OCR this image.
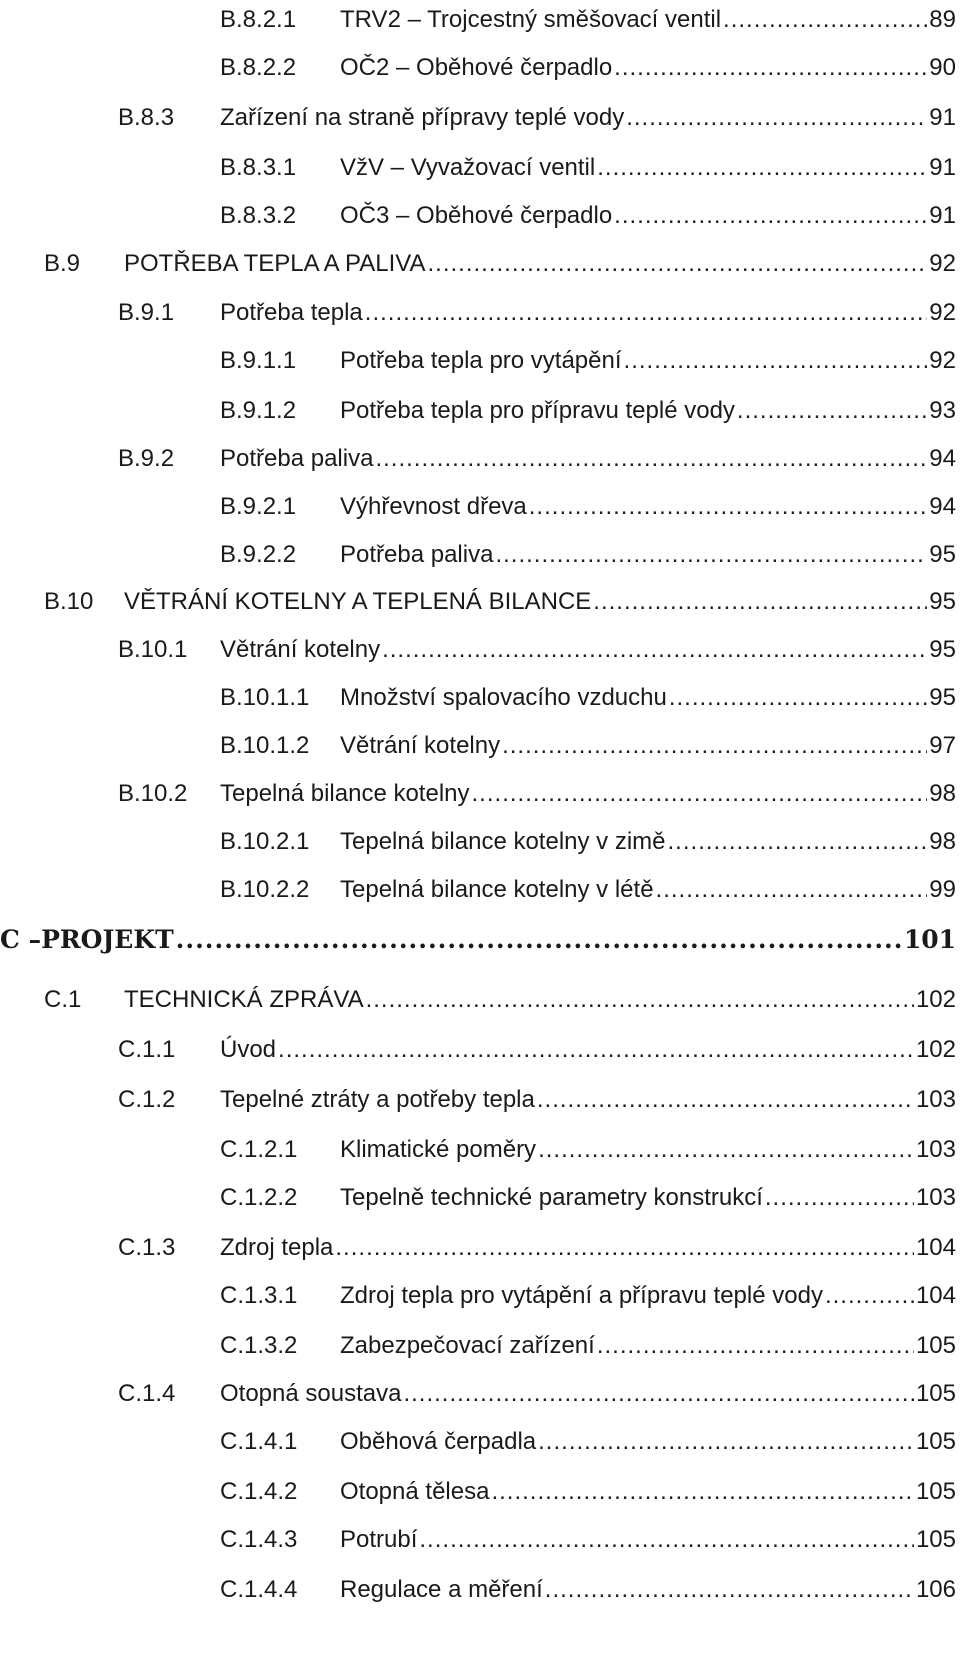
B.8.2.1 TRV2 – Trojcestný směšovací ventil .....	89
B.8.2.2 OČ2 – Oběhové čerpadlo .....	90
B.8.3 Zařízení na straně přípravy teplé vody .....	91
B.8.3.1 VžV – Vyvažovací ventil .....	91
B.8.3.2 OČ3 – Oběhové čerpadlo .....	91
B.9 POTŘEBA TEPLA A PALIVA .....	92
B.9.1 Potřeba tepla .....	92
B.9.1.1 Potřeba tepla pro vytápění .....	92
B.9.1.2 Potřeba tepla pro přípravu teplé vody .....	93
B.9.2 Potřeba paliva .....	94
B.9.2.1 Výhřevnost dřeva .....	94
B.9.2.2 Potřeba paliva .....	95
B.10 VĚTRÁNÍ KOTELNY A TEPLENÁ BILANCE .....	95
B.10.1 Větrání kotelny .....	95
B.10.1.1 Množství spalovacího vzduchu .....	95
B.10.1.2 Větrání kotelny .....	97
B.10.2 Tepelná bilance kotelny .....	98
B.10.2.1 Tepelná bilance kotelny v zimě .....	98
B.10.2.2 Tepelná bilance kotelny v létě .....	99
C –PROJEKT .....	101
C.1 TECHNICKÁ ZPRÁVA .....	102
C.1.1 Úvod .....	102
C.1.2 Tepelné ztráty a potřeby tepla .....	103
C.1.2.1 Klimatické poměry .....	103
C.1.2.2 Tepelně technické parametry konstrukcí .....	103
C.1.3 Zdroj tepla .....	104
C.1.3.1 Zdroj tepla pro vytápění a přípravu teplé vody .....	104
C.1.3.2 Zabezpečovací zařízení .....	105
C.1.4 Otopná soustava .....	105
C.1.4.1 Oběhová čerpadla .....	105
C.1.4.2 Otopná tělesa .....	105
C.1.4.3 Potrubí .....	105
C.1.4.4 Regulace a měření .....	106
